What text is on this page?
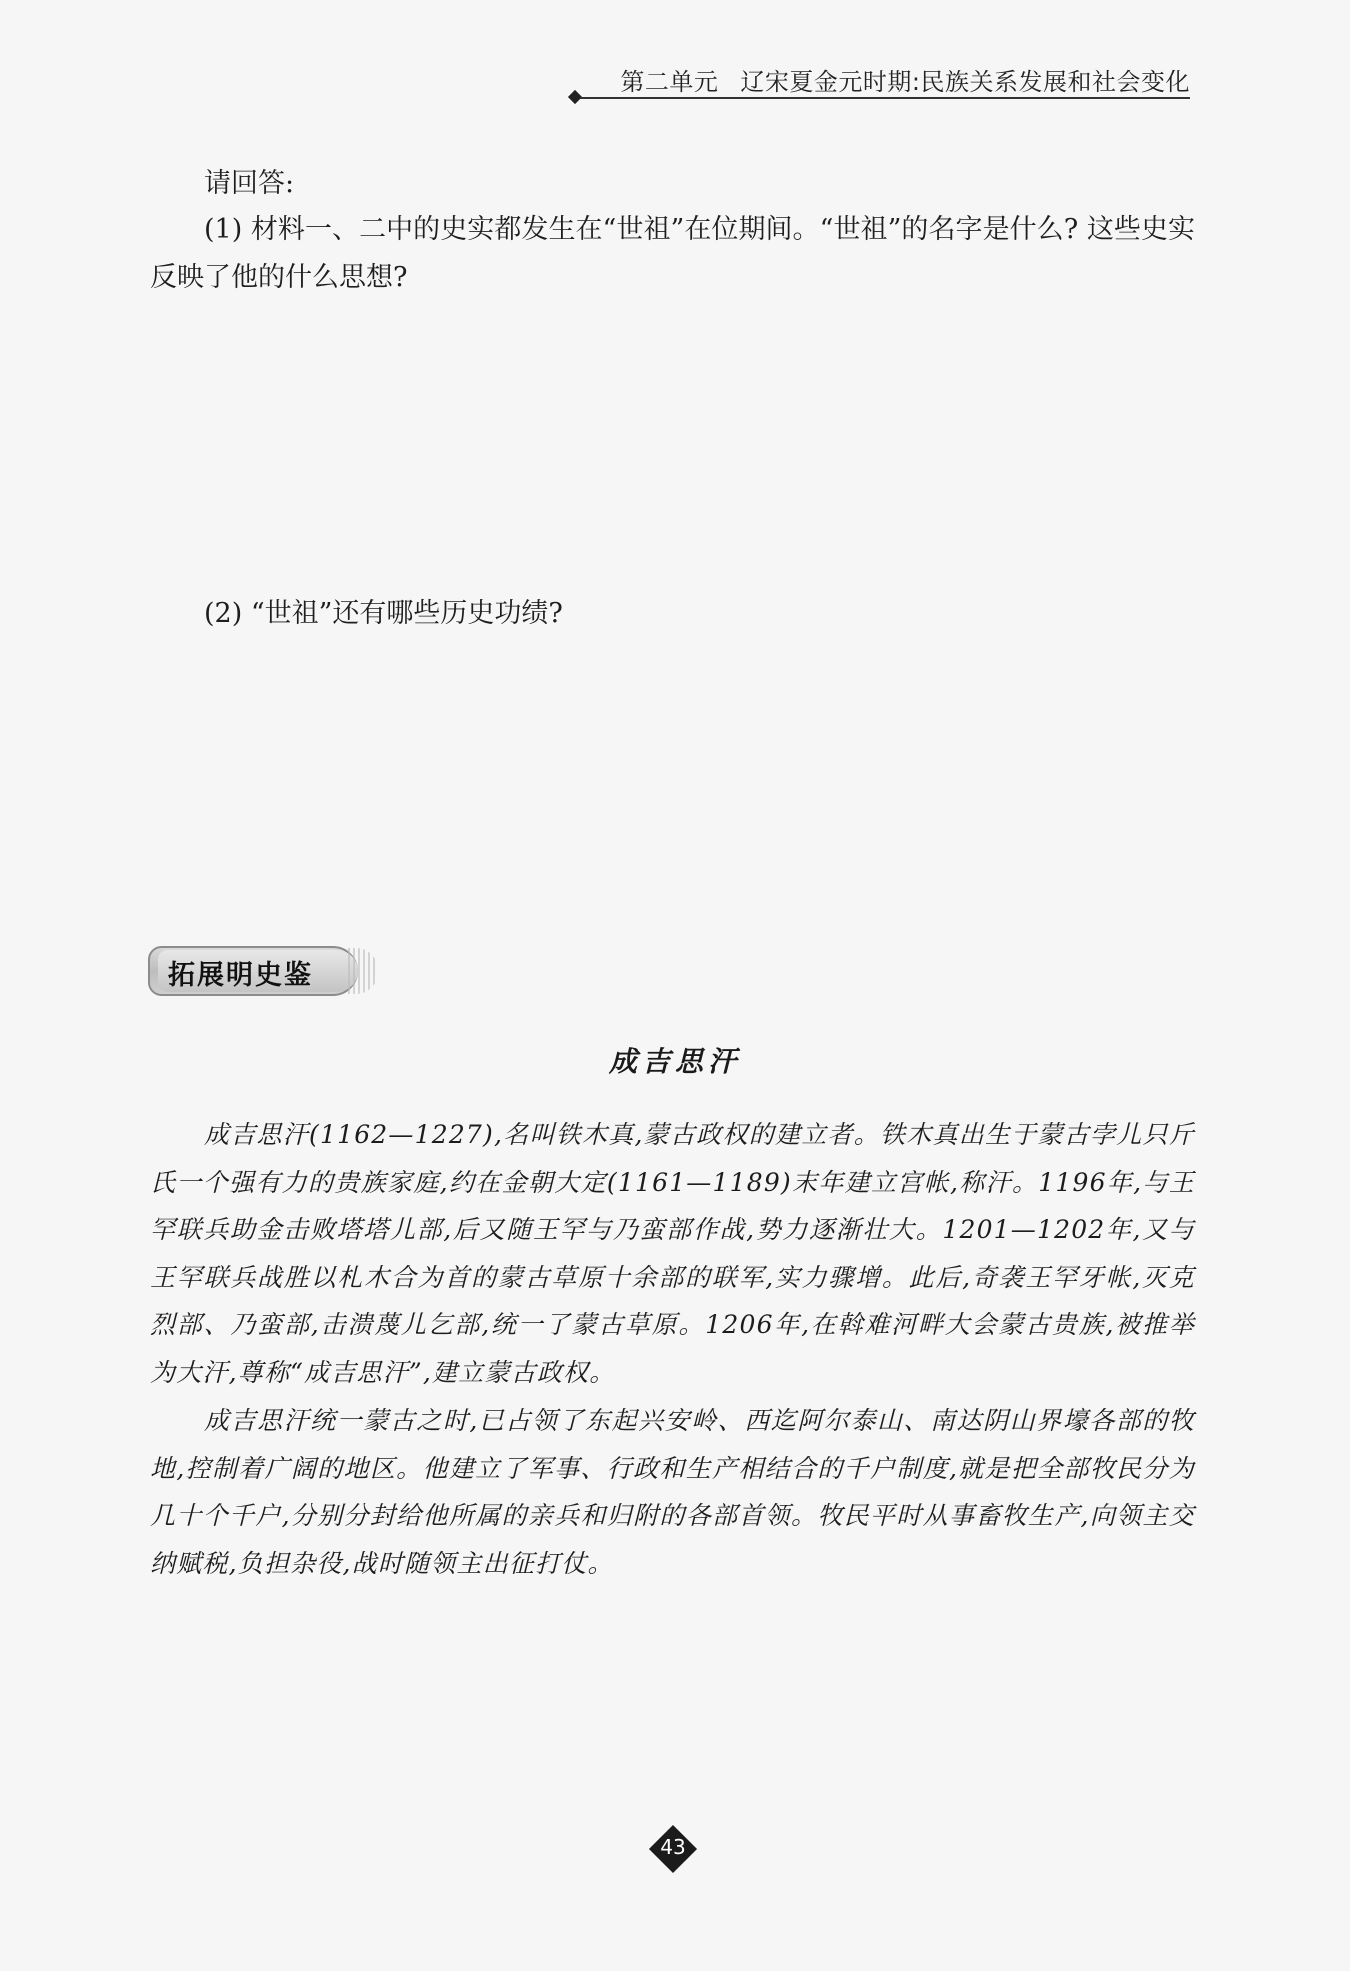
第二单元 辽宋夏金元时期:民族关系发展和社会变化
请回答:
(1) 材料一、二中的史实都发生在“世祖”在位期间。“世祖”的名字是什么? 这些史实反映了他的什么思想?
(2) “世祖”还有哪些历史功绩?
拓展明史鉴
成吉思汗
成吉思汗(1162—1227),名叫铁木真,蒙古政权的建立者。铁木真出生于蒙古孛儿只斤氏一个强有力的贵族家庭,约在金朝大定(1161—1189)末年建立宫帐,称汗。1196年,与王罕联兵助金击败塔塔儿部,后又随王罕与乃蛮部作战,势力逐渐壮大。1201—1202年,又与王罕联兵战胜以札木合为首的蒙古草原十余部的联军,实力骤增。此后,奇袭王罕牙帐,灭克烈部、乃蛮部,击溃蔑儿乞部,统一了蒙古草原。1206年,在斡难河畔大会蒙古贵族,被推举为大汗,尊称“成吉思汗”,建立蒙古政权。
成吉思汗统一蒙古之时,已占领了东起兴安岭、西迄阿尔泰山、南达阴山界壕各部的牧地,控制着广阔的地区。他建立了军事、行政和生产相结合的千户制度,就是把全部牧民分为几十个千户,分别分封给他所属的亲兵和归附的各部首领。牧民平时从事畜牧生产,向领主交纳赋税,负担杂役,战时随领主出征打仗。
43
